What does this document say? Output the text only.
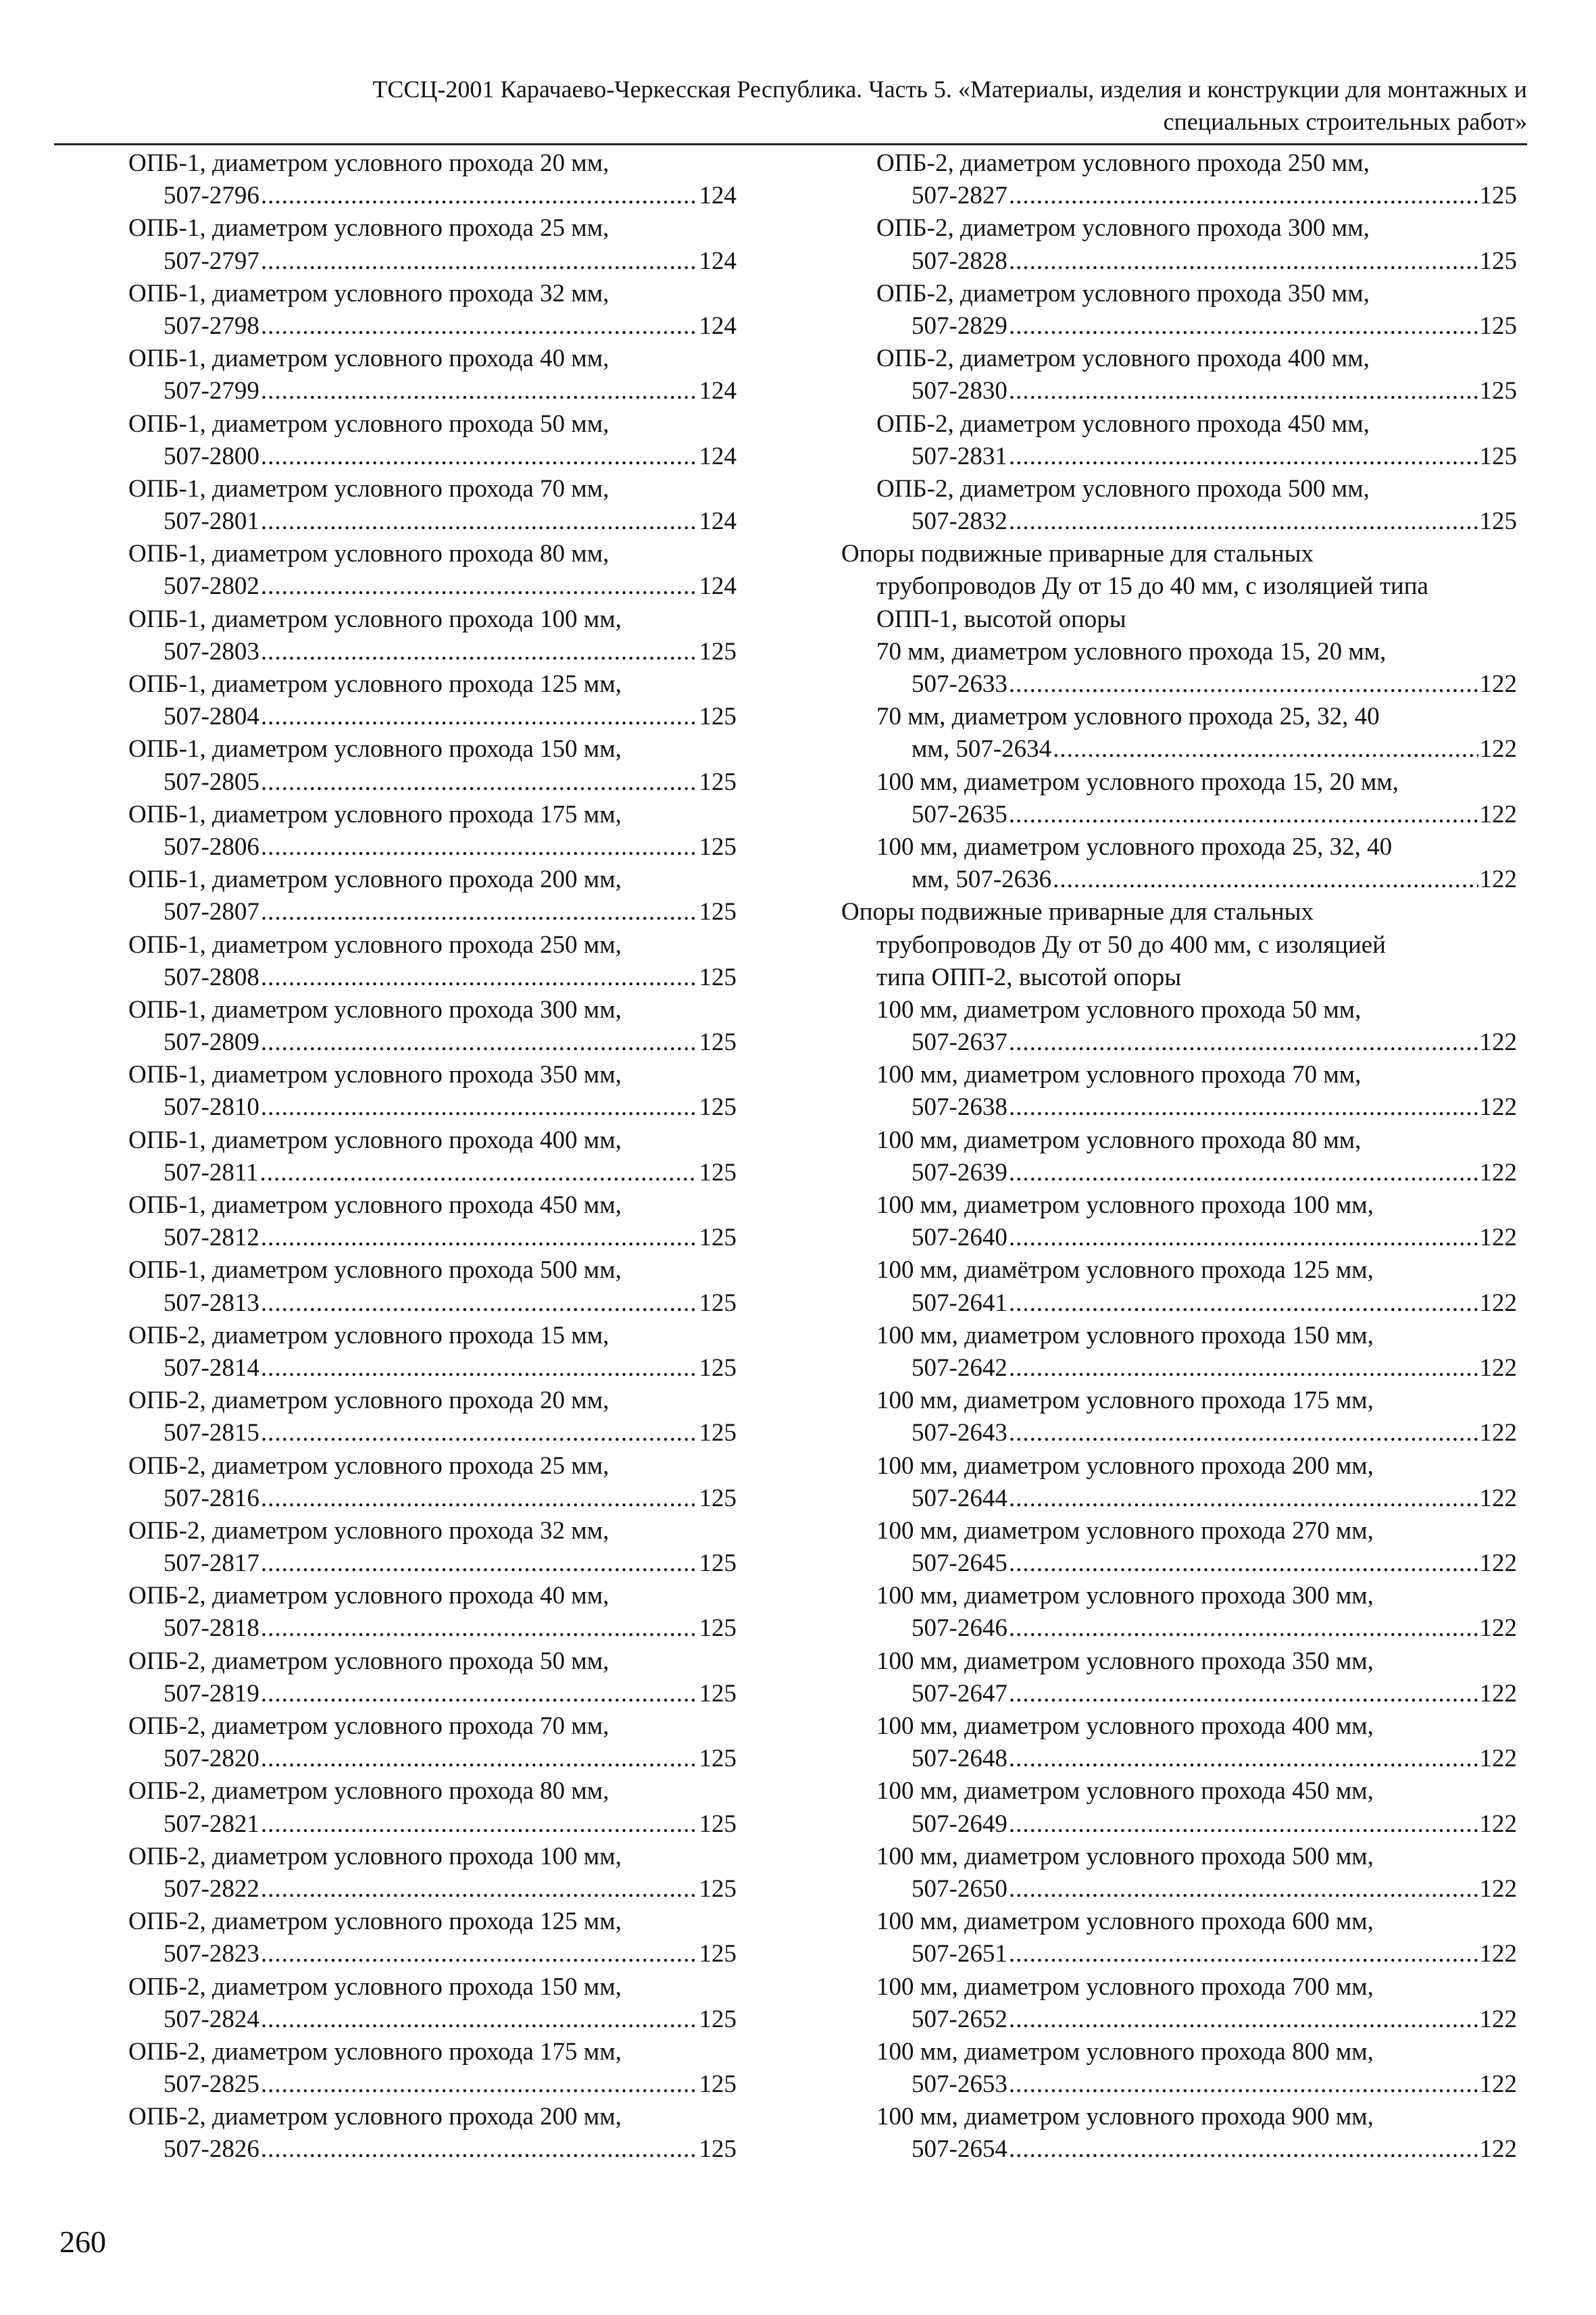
ТССЦ-2001 Карачаево-Черкесская Республика. Часть 5. «Материалы, изделия и конструкции для монтажных и
специальных строительных работ»
ОПБ-1, диаметром условного прохода 20 мм,
507-2796 .....	124
ОПБ-1, диаметром условного прохода 25 мм,
507-2797 .....	124
ОПБ-1, диаметром условного прохода 32 мм,
507-2798 .....	124
ОПБ-1, диаметром условного прохода 40 мм,
507-2799 .....	124
ОПБ-1, диаметром условного прохода 50 мм,
507-2800 .....	124
ОПБ-1, диаметром условного прохода 70 мм,
507-2801 .....	124
ОПБ-1, диаметром условного прохода 80 мм,
507-2802 .....	124
ОПБ-1, диаметром условного прохода 100 мм,
507-2803 .....	125
ОПБ-1, диаметром условного прохода 125 мм,
507-2804 .....	125
ОПБ-1, диаметром условного прохода 150 мм,
507-2805 .....	125
ОПБ-1, диаметром условного прохода 175 мм,
507-2806 .....	125
ОПБ-1, диаметром условного прохода 200 мм,
507-2807 .....	125
ОПБ-1, диаметром условного прохода 250 мм,
507-2808 .....	125
ОПБ-1, диаметром условного прохода 300 мм,
507-2809 .....	125
ОПБ-1, диаметром условного прохода 350 мм,
507-2810 .....	125
ОПБ-1, диаметром условного прохода 400 мм,
507-2811 .....	125
ОПБ-1, диаметром условного прохода 450 мм,
507-2812 .....	125
ОПБ-1, диаметром условного прохода 500 мм,
507-2813 .....	125
ОПБ-2, диаметром условного прохода 15 мм,
507-2814 .....	125
ОПБ-2, диаметром условного прохода 20 мм,
507-2815 .....	125
ОПБ-2, диаметром условного прохода 25 мм,
507-2816 .....	125
ОПБ-2, диаметром условного прохода 32 мм,
507-2817 .....	125
ОПБ-2, диаметром условного прохода 40 мм,
507-2818 .....	125
ОПБ-2, диаметром условного прохода 50 мм,
507-2819 .....	125
ОПБ-2, диаметром условного прохода 70 мм,
507-2820 .....	125
ОПБ-2, диаметром условного прохода 80 мм,
507-2821 .....	125
ОПБ-2, диаметром условного прохода 100 мм,
507-2822 .....	125
ОПБ-2, диаметром условного прохода 125 мм,
507-2823 .....	125
ОПБ-2, диаметром условного прохода 150 мм,
507-2824 .....	125
ОПБ-2, диаметром условного прохода 175 мм,
507-2825 .....	125
ОПБ-2, диаметром условного прохода 200 мм,
507-2826 .....	125
ОПБ-2, диаметром условного прохода 250 мм,
507-2827 .....	125
ОПБ-2, диаметром условного прохода 300 мм,
507-2828 .....	125
ОПБ-2, диаметром условного прохода 350 мм,
507-2829 .....	125
ОПБ-2, диаметром условного прохода 400 мм,
507-2830 .....	125
ОПБ-2, диаметром условного прохода 450 мм,
507-2831 .....	125
ОПБ-2, диаметром условного прохода 500 мм,
507-2832 .....	125
Опоры подвижные приварные для стальных
трубопроводов Ду от 15 до 40 мм, с изоляцией типа
ОПП-1, высотой опоры
70 мм, диаметром условного прохода 15, 20 мм,
507-2633 .....	122
70 мм, диаметром условного прохода 25, 32, 40
мм, 507-2634 .....	122
100 мм, диаметром условного прохода 15, 20 мм,
507-2635 .....	122
100 мм, диаметром условного прохода 25, 32, 40
мм, 507-2636 .....	122
Опоры подвижные приварные для стальных
трубопроводов Ду от 50 до 400 мм, с изоляцией
типа ОПП-2, высотой опоры
100 мм, диаметром условного прохода 50 мм,
507-2637 .....	122
100 мм, диаметром условного прохода 70 мм,
507-2638 .....	122
100 мм, диаметром условного прохода 80 мм,
507-2639 .....	122
100 мм, диаметром условного прохода 100 мм,
507-2640 .....	122
100 мм, диамётром условного прохода 125 мм,
507-2641 .....	122
100 мм, диаметром условного прохода 150 мм,
507-2642 .....	122
100 мм, диаметром условного прохода 175 мм,
507-2643 .....	122
100 мм, диаметром условного прохода 200 мм,
507-2644 .....	122
100 мм, диаметром условного прохода 270 мм,
507-2645 .....	122
100 мм, диаметром условного прохода 300 мм,
507-2646 .....	122
100 мм, диаметром условного прохода 350 мм,
507-2647 .....	122
100 мм, диаметром условного прохода 400 мм,
507-2648 .....	122
100 мм, диаметром условного прохода 450 мм,
507-2649 .....	122
100 мм, диаметром условного прохода 500 мм,
507-2650 .....	122
100 мм, диаметром условного прохода 600 мм,
507-2651 .....	122
100 мм, диаметром условного прохода 700 мм,
507-2652 .....	122
100 мм, диаметром условного прохода 800 мм,
507-2653 .....	122
100 мм, диаметром условного прохода 900 мм,
507-2654 .....	122
260
